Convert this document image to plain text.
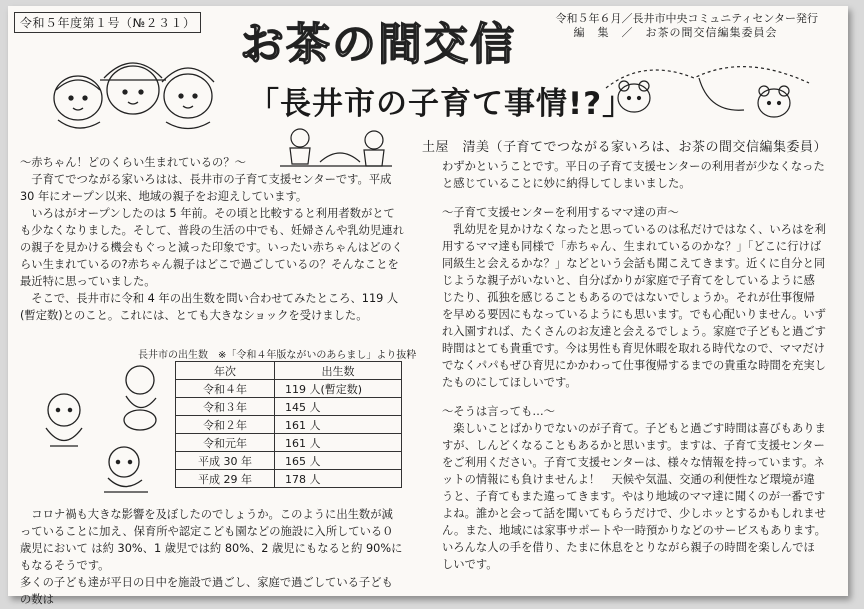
令和５年度第１号（№２３１） お茶の間交信
令和５年６月／長井市中央コミュニティセンター発行
編　集　／　お茶の間交信編集委員会
「長井市の子育て事情!?」
土屋　清美（子育てでつながる家いろは、お茶の間交信編集委員）

～赤ちゃん！どのくらい生まれているの？～

子育てでつながる家いろはは、長井市の子育て支援センターです。平成 30 年にオープン以来、地域の親子をお迎えしています。

いろはがオープンしたのは 5 年前。その頃と比較すると利用者数がとても少なくなりました。そして、普段の生活の中でも、妊婦さんや乳幼児連れの親子を見かける機会もぐっと減った印象です。いったい赤ちゃんはどのくらい生まれているの?赤ちゃん親子はどこで過ごしているの？そんなことを最近特に思っていました。

そこで、長井市に令和 4 年の出生数を問い合わせてみたところ、119 人(暫定数)とのこと。これには、とても大きなショックを受けました。

長井市の出生数　※「令和４年版ながいのあらまし」より抜粋
年次	出生数
令和４年	119 人(暫定数)
令和３年	145 人
令和２年	161 人
令和元年	161 人
平成 30 年	165 人
平成 29 年	178 人

コロナ禍も大きな影響を及ぼしたのでしょうか。このように出生数が減っていることに加え、保育所や認定こども園などの施設に入所している０歳児において は約 30%、1 歳児では約 80%、2 歳児にもなると約 90%にもなるそうです。

多くの子ども達が平日の日中を施設で過ごし、家庭で過ごしている子どもの数は

わずかということです。平日の子育て支援センターの利用者が少なくなったと感じていることに妙に納得してしまいました。

～子育て支援センターを利用するママ達の声～

乳幼児を見かけなくなったと思っているのは私だけではなく、いろはを利用するママ達も同様で「赤ちゃん、生まれているのかな？」「どこに行けば同級生と会えるかな？」などという会話も聞こえてきます。近くに自分と同じような親子がいないと、自分ばかりが家庭で子育てをしているように感じたり、孤独を感じることもあるのではないでしょうか。それが仕事復帰を早める要因にもなっているようにも思います。でも心配いりません。いずれ入園すれば、たくさんのお友達と会えるでしょう。家庭で子どもと過ごす時間はとても貴重です。今は男性も育児休暇を取れる時代なので、ママだけでなくパパもぜひ育児にかかわって仕事復帰するまでの貴重な時間を充実したものにしてほしいです。

～そうは言っても…～

楽しいことばかりでないのが子育て。子どもと過ごす時間は喜びもありますが、しんどくなることもあるかと思います。ますは、子育て支援センターをご利用ください。子育て支援センターは、様々な情報を持っています。ネットの情報にも負けませんよ！　天候や気温、交通の利便性など環境が違うと、子育てもまた違ってきます。やはり地域のママ達に聞くのが一番ですよね。誰かと会って話を聞いてもらうだけで、少しホッとするかもしれません。また、地域には家事サポートや一時預かりなどのサービスもあります。いろんな人の手を借り、たまに休息をとりながら親子の時間を楽しんでほしいです。
